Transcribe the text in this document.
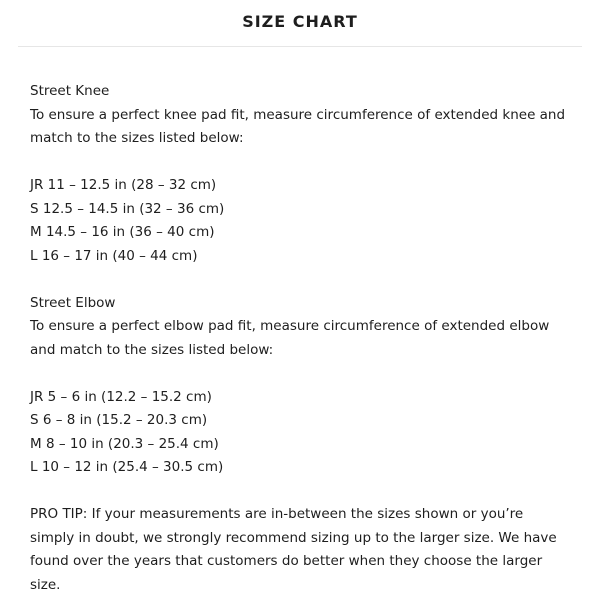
SIZE CHART
Street Knee
To ensure a perfect knee pad fit, measure circumference of extended knee and
match to the sizes listed below:
JR 11 – 12.5 in (28 – 32 cm)
S 12.5 – 14.5 in (32 – 36 cm)
M 14.5 – 16 in (36 – 40 cm)
L 16 – 17 in (40 – 44 cm)
Street Elbow
To ensure a perfect elbow pad fit, measure circumference of extended elbow
and match to the sizes listed below:
JR 5 – 6 in (12.2 – 15.2 cm)
S 6 – 8 in (15.2 – 20.3 cm)
M 8 – 10 in (20.3 – 25.4 cm)
L 10 – 12 in (25.4 – 30.5 cm)
PRO TIP: If your measurements are in-between the sizes shown or you’re
simply in doubt, we strongly recommend sizing up to the larger size. We have
found over the years that customers do better when they choose the larger
size.
